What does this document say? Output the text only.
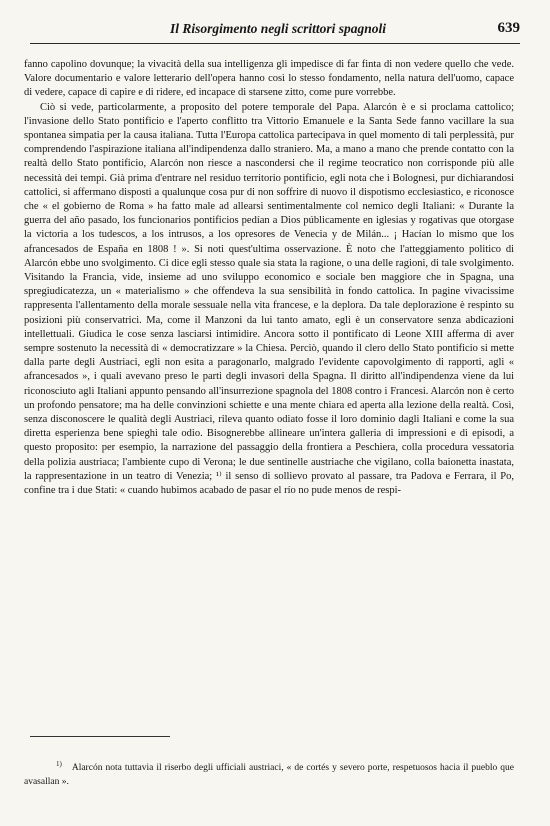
Il Risorgimento negli scrittori spagnoli	639

fanno capolino dovunque; la vivacità della sua intelligenza gli impedisce di far finta di non vedere quello che vede. Valore documentario e valore letterario dell'opera hanno così lo stesso fondamento, nella natura dell'uomo, capace di vedere, capace di capire e di ridere, ed incapace di starsene zitto, come pure vorrebbe.

Ciò si vede, particolarmente, a proposito del potere temporale del Papa. Alarcón è e si proclama cattolico; l'invasione dello Stato pontificio e l'aperto conflitto tra Vittorio Emanuele e la Santa Sede fanno vacillare la sua spontanea simpatia per la causa italiana. Tutta l'Europa cattolica partecipava in quel momento di tali perplessità, pur comprendendo l'aspirazione italiana all'indipendenza dallo straniero. Ma, a mano a mano che prende contatto con la realtà dello Stato pontificio, Alarcón non riesce a nascondersi che il regime teocratico non corrisponde più alle necessità dei tempi. Già prima d'entrare nel residuo territorio pontificio, egli nota che i Bolognesi, pur dichiarandosi cattolici, si affermano disposti a qualunque cosa pur di non soffrire di nuovo il dispotismo ecclesiastico, e riconosce che « el gobierno de Roma » ha fatto male ad allearsi sentimentalmente col nemico degli Italiani: « Durante la guerra del año pasado, los funcionarios pontificios pedían a Dios públicamente en iglesias y rogativas que otorgase la victoria a los tudescos, a los intrusos, a los opresores de Venecia y de Milán... ¡ Hacían lo mismo que los afrancesados de España en 1808 ! ». Si noti quest'ultima osservazione. È noto che l'atteggiamento politico di Alarcón ebbe uno svolgimento. Ci dice egli stesso quale sia stata la ragione, o una delle ragioni, di tale svolgimento. Visitando la Francia, vide, insieme ad uno sviluppo economico e sociale ben maggiore che in Spagna, una spregiudicatezza, un « materialismo » che offendeva la sua sensibilità in fondo cattolica. In pagine vivacissime rappresenta l'allentamento della morale sessuale nella vita francese, e la deplora. Da tale deplorazione è respinto su posizioni più conservatrici. Ma, come il Manzoni da lui tanto amato, egli è un conservatore senza abdicazioni intellettuali. Giudica le cose senza lasciarsi intimidire. Ancora sotto il pontificato di Leone XIII afferma di aver sempre sostenuto la necessità di « democratizzare » la Chiesa. Perciò, quando il clero dello Stato pontificio si mette dalla parte degli Austriaci, egli non esita a paragonarlo, malgrado l'evidente capovolgimento di rapporti, agli « afrancesados », i quali avevano preso le parti degli invasori della Spagna. Il diritto all'indipendenza viene da lui riconosciuto agli Italiani appunto pensando all'insurrezione spagnola del 1808 contro i Francesi. Alarcón non è certo un profondo pensatore; ma ha delle convinzioni schiette e una mente chiara ed aperta alla lezione della realtà. Così, senza disconoscere le qualità degli Austriaci, rileva quanto odiato fosse il loro dominio dagli Italiani e come la sua diretta esperienza bene spieghi tale odio. Bisognerebbe allineare un'intera galleria di impressioni e di episodi, a questo proposito: per esempio, la narrazione del passaggio della frontiera a Peschiera, colla procedura vessatoria della polizia austriaca; l'ambiente cupo di Verona; le due sentinelle austriache che vigilano, colla baionetta inastata, la rappresentazione in un teatro di Venezia; ¹⁾ il senso di sollievo provato al passare, tra Padova e Ferrara, il Po, confine tra i due Stati: « cuando hubimos acabado de pasar el río no pude menos de respi-

$^{1)}$ Alarcón nota tuttavia il riserbo degli ufficiali austriaci, « de cortés y severo porte, respetuosos hacia il pueblo que avasallan ».
